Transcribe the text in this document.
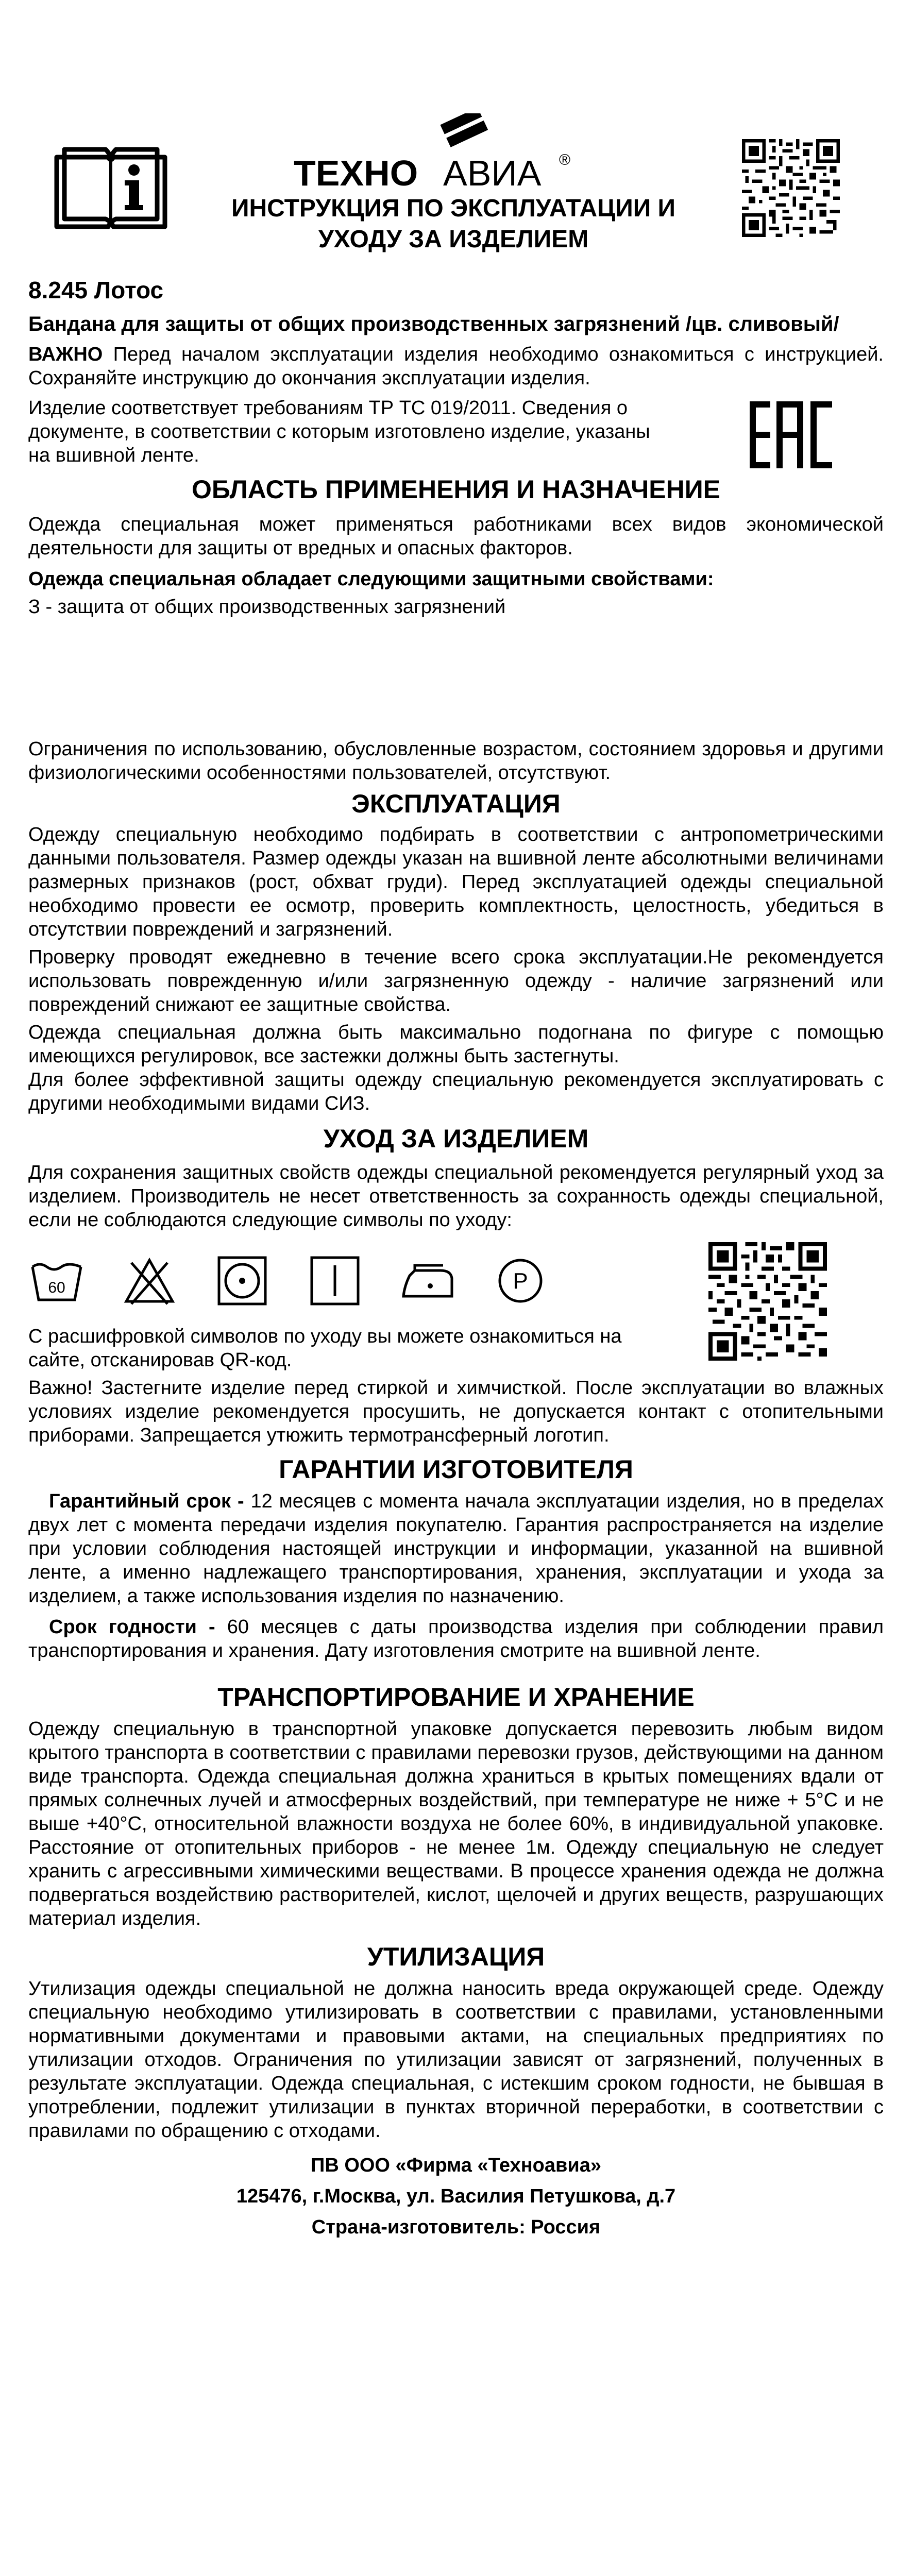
ТЕХНО АВИА ®
ИНСТРУКЦИЯ ПО ЭКСПЛУАТАЦИИ И
УХОДУ ЗА ИЗДЕЛИЕМ

8.245 Лотос

Бандана для защиты от общих производственных загрязнений /цв. сливовый/

ВАЖНО Перед началом эксплуатации изделия необходимо ознакомиться с инструкцией. Сохраняйте инструкцию до окончания эксплуатации изделия.

Изделие соответствует требованиям ТР ТС 019/2011. Сведения о документе, в соответствии с которым изготовлено изделие, указаны на вшивной ленте.

ОБЛАСТЬ ПРИМЕНЕНИЯ И НАЗНАЧЕНИЕ

Одежда специальная может применяться работниками всех видов экономической деятельности для защиты от вредных и опасных факторов.

Одежда специальная обладает следующими защитными свойствами:

З - защита от общих производственных загрязнений

Ограничения по использованию, обусловленные возрастом, состоянием здоровья и другими физиологическими особенностями пользователей, отсутствуют.

ЭКСПЛУАТАЦИЯ

Одежду специальную необходимо подбирать в соответствии с антропометрическими данными пользователя. Размер одежды указан на вшивной ленте абсолютными величинами размерных признаков (рост, обхват груди). Перед эксплуатацией одежды специальной необходимо провести ее осмотр, проверить комплектность, целостность, убедиться в отсутствии повреждений и загрязнений.

Проверку проводят ежедневно в течение всего срока эксплуатации.Не рекомендуется использовать поврежденную и/или загрязненную одежду - наличие загрязнений или повреждений снижают ее защитные свойства.

Одежда специальная должна быть максимально подогнана по фигуре с помощью имеющихся регулировок, все застежки должны быть застегнуты.

Для более эффективной защиты одежду специальную рекомендуется эксплуатировать с другими необходимыми видами СИЗ.

УХОД ЗА ИЗДЕЛИЕМ

Для сохранения защитных свойств одежды специальной рекомендуется регулярный уход за изделием. Производитель не несет ответственность за сохранность одежды специальной, если не соблюдаются следующие символы по уходу:

60	P

С расшифровкой символов по уходу вы можете ознакомиться на сайте, отсканировав QR-код.

Важно! Застегните изделие перед стиркой и химчисткой. После эксплуатации во влажных условиях изделие рекомендуется просушить, не допускается контакт с отопительными приборами. Запрещается утюжить термотрансферный логотип.

ГАРАНТИИ ИЗГОТОВИТЕЛЯ

Гарантийный срок - 12 месяцев с момента начала эксплуатации изделия, но в пределах двух лет с момента передачи изделия покупателю. Гарантия распространяется на изделие при условии соблюдения настоящей инструкции и информации, указанной на вшивной ленте, а именно надлежащего транспортирования, хранения, эксплуатации и ухода за изделием, а также использования изделия по назначению.

Срок годности - 60 месяцев с даты производства изделия при соблюдении правил транспортирования и хранения. Дату изготовления смотрите на вшивной ленте.

ТРАНСПОРТИРОВАНИЕ И ХРАНЕНИЕ

Одежду специальную в транспортной упаковке допускается перевозить любым видом крытого транспорта в соответствии с правилами перевозки грузов, действующими на данном виде транспорта. Одежда специальная должна храниться в крытых помещениях вдали от прямых солнечных лучей и атмосферных воздействий, при температуре не ниже + 5°С и не выше +40°С, относительной влажности воздуха не более 60%, в индивидуальной упаковке. Расстояние от отопительных приборов - не менее 1м. Одежду специальную не следует хранить с агрессивными химическими веществами. В процессе хранения одежда не должна подвергаться воздействию растворителей, кислот, щелочей и других веществ, разрушающих материал изделия.

УТИЛИЗАЦИЯ

Утилизация одежды специальной не должна наносить вреда окружающей среде. Одежду специальную необходимо утилизировать в соответствии с правилами, установленными нормативными документами и правовыми актами, на специальных предприятиях по утилизации отходов. Ограничения по утилизации зависят от загрязнений, полученных в результате эксплуатации. Одежда специальная, с истекшим сроком годности, не бывшая в употреблении, подлежит утилизации в пунктах вторичной переработки, в соответствии с правилами по обращению с отходами.

ПВ ООО «Фирма «Техноавиа»

125476, г.Москва, ул. Василия Петушкова, д.7

Страна-изготовитель: Россия
